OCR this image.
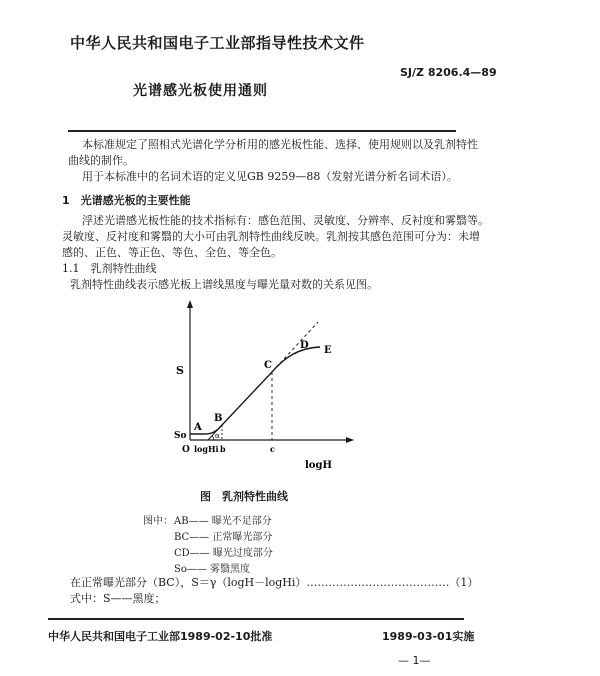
中华人民共和国电子工业部指导性技术文件
SJ/Z 8206.4—89
光谱感光板使用通则
本标准规定了照相式光谱化学分析用的感光板性能、选择、使用规则以及乳剂特性
曲线的制作。
用于本标准中的名词术语的定义见GB 9259—88（发射光谱分析名词术语）。
1　光谱感光板的主要性能
浮述光谱感光板性能的技术指标有：感色范围、灵敏度、分辨率、反衬度和雾翳等。
灵敏度、反衬度和雾翳的大小可由乳剂特性曲线反映。乳剂按其感色范围可分为：未增
感的、正色、等正色、等色、全色、等全色。
1.1　乳剂特性曲线
乳剂特性曲线表示感光板上谱线黑度与曝光量对数的关系见图。
S
logH
A
B
C
D E
So
O logHi b	c
α
图　乳剂特性曲线
图中： AB—— 曝光不足部分
BC—— 正常曝光部分
CD—— 曝光过度部分
So—— 雾翳黑度
在正常曝光部分（BC），S＝γ（logH－logHi）…………………………………（1）
式中：S——黑度；
中华人民共和国电子工业部1989-02-10批准	1989-03-01实施
— 1—
